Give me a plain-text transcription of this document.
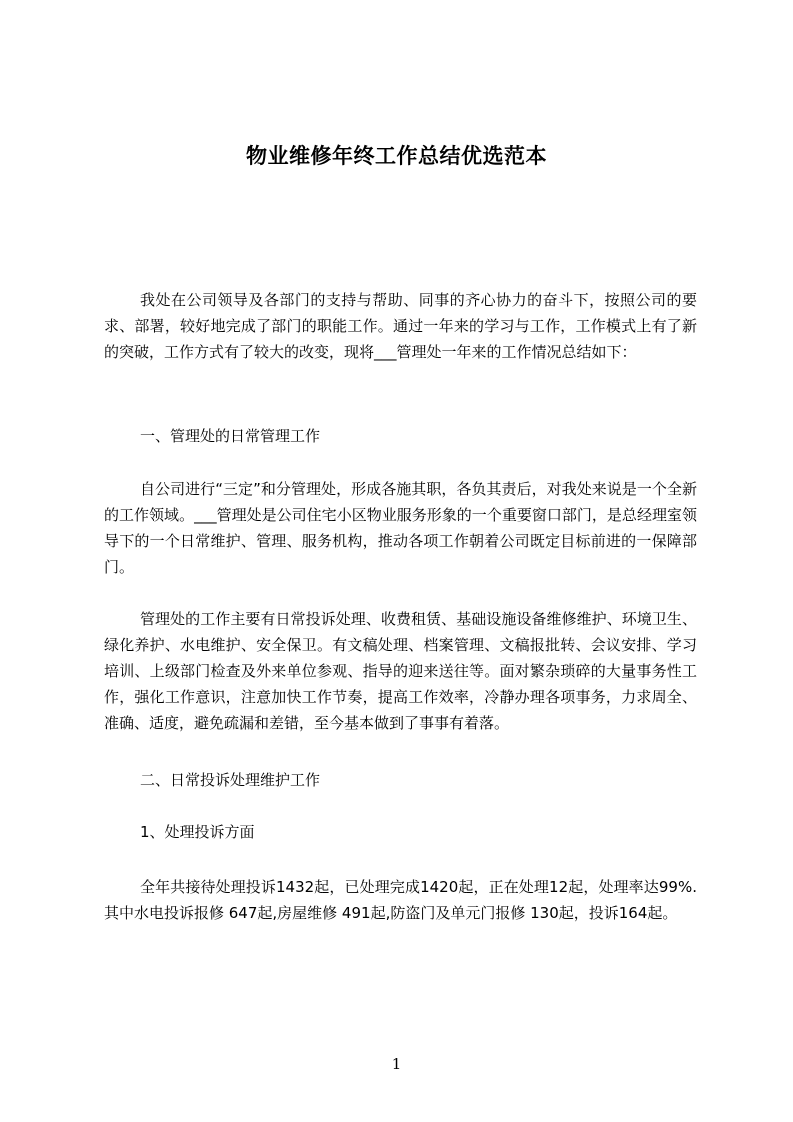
物业维修年终工作总结优选范本

我处在公司领导及各部门的支持与帮助、同事的齐心协力的奋斗下，按照公司的要求、部署，较好地完成了部门的职能工作。通过一年来的学习与工作，工作模式上有了新的突破，工作方式有了较大的改变，现将___管理处一年来的工作情况总结如下：

一、管理处的日常管理工作

自公司进行“三定”和分管理处，形成各施其职，各负其责后，对我处来说是一个全新的工作领域。___管理处是公司住宅小区物业服务形象的一个重要窗口部门，是总经理室领导下的一个日常维护、管理、服务机构，推动各项工作朝着公司既定目标前进的一保障部门。

管理处的工作主要有日常投诉处理、收费租赁、基础设施设备维修维护、环境卫生、绿化养护、水电维护、安全保卫。有文稿处理、档案管理、文稿报批转、会议安排、学习培训、上级部门检查及外来单位参观、指导的迎来送往等。面对繁杂琐碎的大量事务性工作，强化工作意识，注意加快工作节奏，提高工作效率，冷静办理各项事务，力求周全、准确、适度，避免疏漏和差错，至今基本做到了事事有着落。

二、日常投诉处理维护工作

1、处理投诉方面

全年共接待处理投诉1432起，已处理完成1420起，正在处理12起，处理率达99%.其中水电投诉报修 647起,房屋维修 491起,防盗门及单元门报修 130起，投诉164起。

1
